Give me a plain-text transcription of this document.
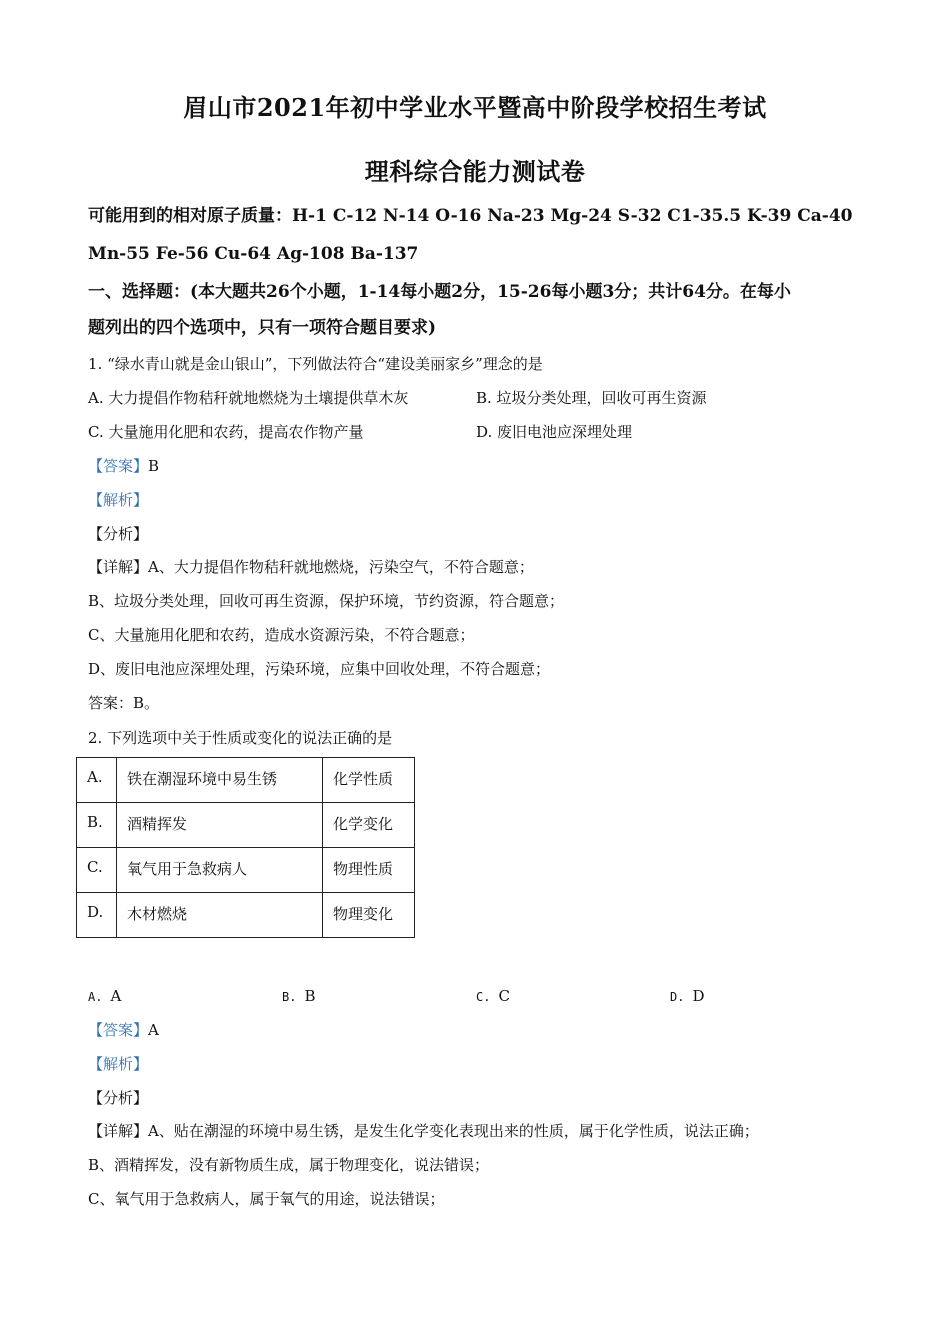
眉山市2021年初中学业水平暨高中阶段学校招生考试
理科综合能力测试卷
可能用到的相对原子质量：H-1 C-12 N-14 O-16 Na-23 Mg-24 S-32 C1-35.5 K-39 Ca-40
Mn-55 Fe-56 Cu-64 Ag-108 Ba-137
一、选择题：(本大题共26个小题，1-14每小题2分，15-26每小题3分；共计64分。在每小
题列出的四个选项中，只有一项符合题目要求)
1. “绿水青山就是金山银山”，下列做法符合“建设美丽家乡”理念的是
A. 大力提倡作物秸秆就地燃烧为土壤提供草木灰	B. 垃圾分类处理，回收可再生资源
C. 大量施用化肥和农药，提高农作物产量	D. 废旧电池应深埋处理
【答案】B
【解析】
【分析】
【详解】A、大力提倡作物秸秆就地燃烧，污染空气，不符合题意；
B、垃圾分类处理，回收可再生资源，保护环境，节约资源，符合题意；
C、大量施用化肥和农药，造成水资源污染，不符合题意；
D、废旧电池应深埋处理，污染环境，应集中回收处理，不符合题意；
答案：B。
2. 下列选项中关于性质或变化的说法正确的是
A.	铁在潮湿环境中易生锈	化学性质
B.	酒精挥发	化学变化
C.	氧气用于急救病人	物理性质
D.	木材燃烧	物理变化
A. A	B. B	C. C	D. D
【答案】A
【解析】
【分析】
【详解】A、贴在潮湿的环境中易生锈，是发生化学变化表现出来的性质，属于化学性质，说法正确；
B、酒精挥发，没有新物质生成，属于物理变化，说法错误；
C、氧气用于急救病人，属于氧气的用途，说法错误；
